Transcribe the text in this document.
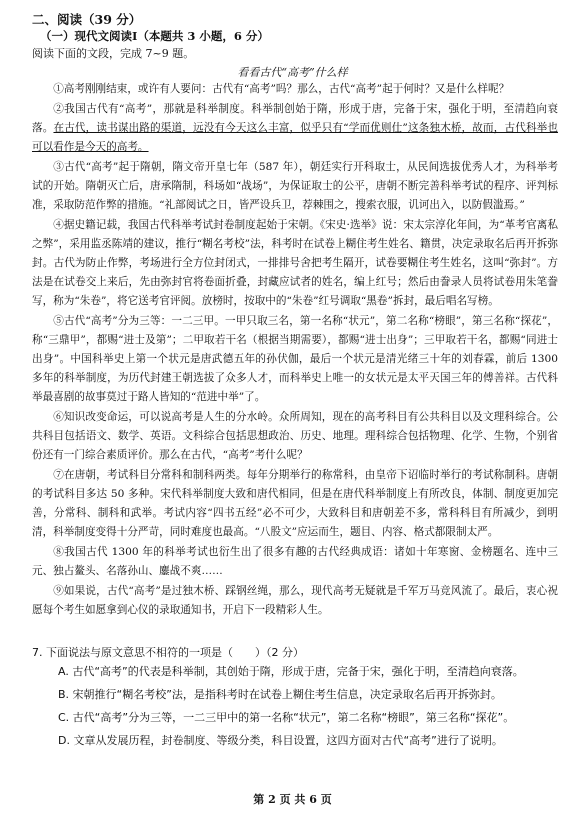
二、阅读（39 分）
（一）现代文阅读Ⅰ（本题共 3 小题，6 分）
阅读下面的文段，完成 7~9 题。
看看古代“高考”什么样

①高考刚刚结束，或许有人要问：古代有“高考”吗？那么，古代“高考”起于何时？又是什么样呢？

②我国古代有“高考”，那就是科举制度。科举制创始于隋，形成于唐，完备于宋，强化于明，至清趋向衰落。在古代，读书谋出路的渠道，远没有今天这么丰富，似乎只有“学而优则仕”这条独木桥，故而，古代科举也可以看作是今天的高考。

③古代“高考”起于隋朝，隋文帝开皇七年（587 年），朝廷实行开科取士，从民间选拔优秀人才，为科举考试的开始。隋朝灭亡后，唐承隋制，科场如“战场”，为保证取士的公平，唐朝不断完善科举考试的程序、评判标准，采取防范作弊的措施。“礼部阅试之日，皆严设兵卫，荐棘围之，搜索衣服，讥诃出入，以防假滥焉。”

④据史籍记载，我国古代科举考试封卷制度起始于宋朝。《宋史·选举》说：宋太宗淳化年间，为“革考官离私之弊”，采用监丞陈靖的建议，推行“糊名考校”法，科考时在试卷上糊住考生姓名、籍贯，决定录取名后再开拆弥封。古代为防止作弊，考场进行全方位封闭式，一排排号舍把考生隔开，试卷要糊住考生姓名，这叫“弥封”。方法是在试卷交上来后，先由弥封官将卷面折叠，封藏应试者的姓名，编上红号；然后由誊录人员将试卷用朱笔誊写，称为“朱卷”，将它送考官评阅。放榜时，按取中的“朱卷”红号调取“黑卷”拆封，最后唱名写榜。

⑤古代“高考”分为三等：一二三甲。一甲只取三名，第一名称“状元”，第二名称“榜眼”，第三名称“探花”，称“三鼎甲”，都赐“进士及第”；二甲取若干名（根据当期需要），都赐“进士出身”；三甲取若干名，都赐“同进士出身”。中国科举史上第一个状元是唐武德五年的孙伏伽，最后一个状元是清光绪三十年的刘春霖，前后 1300 多年的科举制度，为历代封建王朝选拔了众多人才，而科举史上唯一的女状元是太平天国三年的傅善祥。古代科举最喜剧的故事莫过于路人皆知的“范进中举”了。

⑥知识改变命运，可以说高考是人生的分水岭。众所周知，现在的高考科目有公共科目以及文理科综合。公共科目包括语文、数学、英语。文科综合包括思想政治、历史、地理。理科综合包括物理、化学、生物，个别省份还有一门综合素质评价。那么在古代，“高考”考什么呢？

⑦在唐朝，考试科目分常科和制科两类。每年分期举行的称常科，由皇帝下诏临时举行的考试称制科。唐朝的考试科目多达 50 多种。宋代科举制度大致和唐代相同，但是在唐代科举制度上有所改良，体制、制度更加完善，分常科、制科和武举。考试内容“四书五经”必不可少，大致科目和唐朝差不多，常科科目有所减少，到明清，科举制度变得十分严苛，同时难度也最高。“八股文”应运而生，题目、内容、格式都限制太严。

⑧我国古代 1300 年的科举考试也衍生出了很多有趣的古代经典成语：诸如十年寒窗、金榜题名、连中三元、独占鳌头、名落孙山、鏖战不爽……

⑨如果说，古代“高考”是过独木桥、踩钢丝绳，那么，现代高考无疑就是千军万马竞风流了。最后，衷心祝愿每个考生如愿拿到心仪的录取通知书，开启下一段精彩人生。

7. 下面说法与原文意思不相符的一项是（　　）（2 分）

A. 古代“高考”的代表是科举制，其创始于隋，形成于唐，完备于宋，强化于明，至清趋向衰落。

B. 宋朝推行“糊名考校”法，是指科考时在试卷上糊住考生信息，决定录取名后再开拆弥封。

C. 古代“高考”分为三等，一二三甲中的第一名称“状元”，第二名称“榜眼”，第三名称“探花”。

D. 文章从发展历程，封卷制度、等级分类，科目设置，这四方面对古代“高考”进行了说明。

第 2 页 共 6 页
